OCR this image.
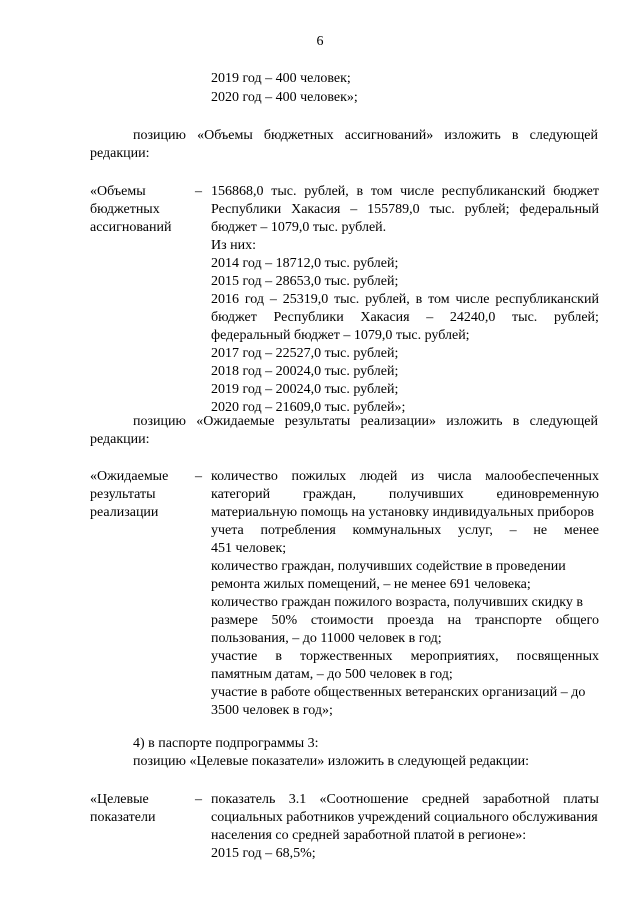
6
2019 год – 400 человек;
2020 год – 400 человек»;
позицию «Объемы бюджетных ассигнований» изложить в следующей
редакции:
«Объемы
бюджетных
ассигнований
– 156868,0 тыс. рублей, в том числе республиканский бюджет
Республики Хакасия – 155789,0 тыс. рублей; федеральный
бюджет – 1079,0 тыс. рублей.
Из них:
2014 год – 18712,0 тыс. рублей;
2015 год – 28653,0 тыс. рублей;
2016 год – 25319,0 тыс. рублей, в том числе республиканский
бюджет Республики Хакасия – 24240,0 тыс. рублей;
федеральный бюджет – 1079,0 тыс. рублей;
2017 год – 22527,0 тыс. рублей;
2018 год – 20024,0 тыс. рублей;
2019 год – 20024,0 тыс. рублей;
2020 год – 21609,0 тыс. рублей»;
позицию «Ожидаемые результаты реализации» изложить в следующей
редакции:
«Ожидаемые
результаты
реализации
– количество пожилых людей из числа малообеспеченных
категорий граждан, получивших единовременную
материальную помощь на установку индивидуальных приборов
учета потребления коммунальных услуг, – не менее
451 человек;
количество граждан, получивших содействие в проведении
ремонта жилых помещений, – не менее 691 человека;
количество граждан пожилого возраста, получивших скидку в
размере 50% стоимости проезда на транспорте общего
пользования, – до 11000 человек в год;
участие в торжественных мероприятиях, посвященных
памятным датам, – до 500 человек в год;
участие в работе общественных ветеранских организаций – до
3500 человек в год»;
4) в паспорте подпрограммы 3:
позицию «Целевые показатели» изложить в следующей редакции:
«Целевые
показатели
– показатель 3.1 «Соотношение средней заработной платы
социальных работников учреждений социального обслуживания
населения со средней заработной платой в регионе»:
2015 год – 68,5%;
